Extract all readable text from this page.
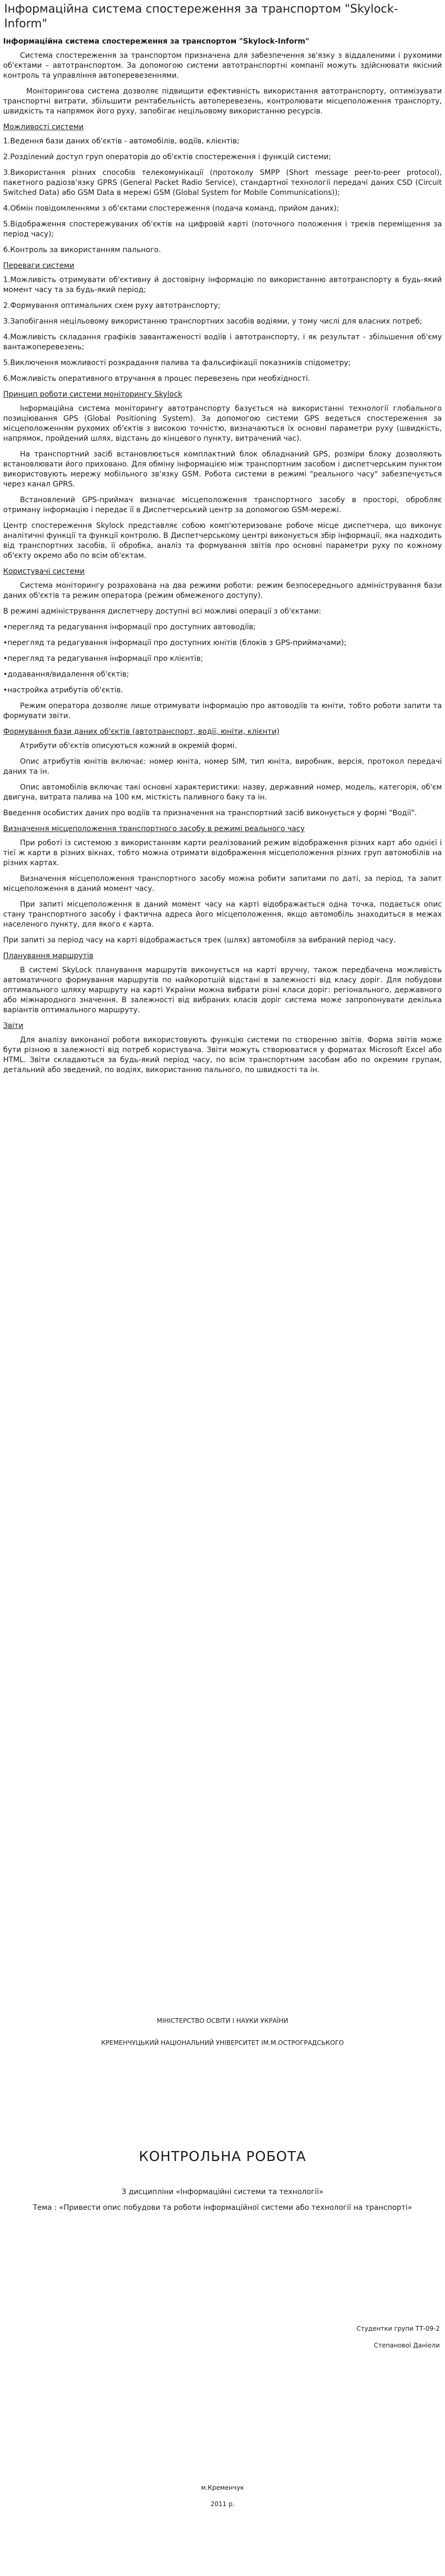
Інформаційна система спостереження за транспортом "Skylock-Inform"

Інформаційна система спостереження за транспортом "Skylock-Inform"

Система спостереження за транспортом призначена для забезпечення зв'язку з віддаленими і рухомими об'єктами – автотранспортом. За допомогою системи автотранспортні компанії можуть здійснювати якісний контроль та управління автоперевезеннями.

Моніторингова система дозволяє підвищити ефективність використання автотранспорту, оптимізувати транспортні витрати, збільшити рентабельність автоперевезень, контролювати місцеположення транспорту, швидкість та напрямок його руху, запобігає нецільовому використанню ресурсів.

Можливості системи

1.Ведення бази даних об'єктів - автомобілів, водіїв, клієнтів;

2.Розділений доступ груп операторів до об'єктів спостереження і функцій системи;

3.Використання різних способів телекомунікації (протоколу SMPP (Short message peer-to-peer protocol), пакетного радіозв'язку GPRS (General Packet Radio Service), стандартної технології передачі даних CSD (Circuit Switched Data) або GSM Data в мережі GSM (Global System for Mobile Communications));

4.Обмін повідомленнями з об'єктами спостереження (подача команд, прийом даних);

5.Відображення спостережуваних об'єктів на цифровій карті (поточного положення і треків переміщення за період часу);

6.Контроль за використанням пального.

Переваги системи

1.Можливість отримувати об'єктивну й достовірну інформацію по використанню автотранспорту в будь-який момент часу та за будь-який період;

2.Формування оптимальних схем руху автотранспорту;

3.Запобігання нецільовому використанню транспортних засобів водіями, у тому числі для власних потреб;

4.Можливість складання графіків завантаженості водіїв і автотранспорту, і як результат - збільшення об'єму вантажоперевезень;

5.Виключення можливості розкрадання палива та фальсифікації показників спідометру;

6.Можливість оперативного втручання в процес перевезень при необхідності.

Принцип роботи системи моніторингу Skylock

Інформаційна система моніторингу автотранспорту базується на використанні технології глобального позиціювання GPS (Global Positioning System). За допомогою системи GPS ведеться спостереження за місцеположенням рухомих об'єктів з високою точністю, визначаються їх основні параметри руху (швидкість, напрямок, пройдений шлях, відстань до кінцевого пункту, витрачений час).

На транспортний засіб встановлюється комплактний блок обладнаний GPS, розміри блоку дозволяють встановлювати його приховано. Для обміну інформацією між транспортним засобом і диспетчерським пунктом використовують мережу мобільного зв'язку GSM. Робота системи в режимі "реального часу" забезпечується через канал GPRS.

Встановлений GPS-приймач визначає місцеположення транспортного засобу в просторі, обробляє отриману інформацію і передає її в Диспетчерський центр за допомогою GSM-мережі.

Центр спостереження Skylock представляє собою комп'ютеризоване робоче місце диспетчера, що виконує аналітичні функції та функції контролю. В Диспетчерському центрі виконується збір інформації, яка надходить від транспортних засобів, її обробка, аналіз та формування звітів про основні параметри руху по кожному об'єкту окремо або по всім об'єктам.

Користувачі системи

Система моніторингу розрахована на два режими роботи: режим безпосереднього адміністрування бази даних об'єктів та режим оператора (режим обмеженого доступу).

В режимі адміністрування диспетчеру доступні всі можливі операції з об'єктами:

•перегляд та редагування інформації про доступних автоводіїв;

•перегляд та редагування інформації про доступних юнітів (блоків з GPS-приймачами);

•перегляд та редагування інформації про клієнтів;

•додавання/видалення об'єктів;

•настройка атрибутів об'єктів.

Режим оператора дозволяє лише отримувати інформацію про автоводіїв та юніти, тобто роботи запити та формувати звіти.

Формування бази даних об'єктів (автотранспорт, водії, юніти, клієнти)

Атрибути об'єктів описуються кожний в окремій формі.

Опис атрибутів юнітів включає: номер юніта, номер SIM, тип юніта, виробник, версія, протокол передачі даних та ін.

Опис автомобілів включає такі основні характеристики: назву, державний номер, модель, категорія, об'єм двигуна, витрата палива на 100 км, місткість паливного баку та ін.

Введення особистих даних про водіїв та призначення на транспортний засіб виконується у формі "Водії".

Визначення місцеположення транспортного засобу в режимі реального часу

При роботі із системою з використанням карти реалізований режим відображення різних карт або однієї і тієї ж карти в різних вікнах, тобто можна отримати відображення місцеположення різних груп автомобілів на різних картах.

Визначення місцеположення транспортного засобу можна робити запитами по даті, за період, та запит місцеположення в даний момент часу.

При запиті місцеположення в даний момент часу на карті відображається одна точка, подається опис стану транспортного засобу і фактична адреса його місцеположення, якщо автомобіль знаходиться в межах населеного пункту, для якого є карта.

При запиті за період часу на карті відображається трек (шлях) автомобіля за вибраний період часу.

Планування маршрутів

В системі SkyLock планування маршрутів виконується на карті вручну, також передбачена можливість автоматичного формування маршрутів по найкоротшій відстані в залежності від класу доріг. Для побудови оптимального шляху маршруту на карті України можна вибрати різні класи доріг: регіонального, державного або міжнародного значення. В залежності від вибраних класів доріг система може запропонувати декілька варіантів оптимального маршруту.

Звіти

Для аналізу виконаної роботи використовують функцію системи по створенню звітів. Форма звітів може бути різною в залежності від потреб користувача. Звіти можуть створюватися у форматах Microsoft Excel або HTML. Звіти складаються за будь-який період часу, по всім транспортним засобам або по окремим групам, детальний або зведений, по водіях, використанню пального, по швидкості та ін.

МІНІСТЕРСТВО ОСВІТИ І НАУКИ УКРАЇНИ
КРЕМЕНЧУЦЬКИЙ НАЦІОНАЛЬНИЙ УНІВЕРСИТЕТ ІМ.М.ОСТРОГРАДСЬКОГО
КОНТРОЛЬНА РОБОТА
З дисципліни «Інформаційні системи та технології»
Тема : «Привести опис побудови та роботи інформаційної системи або технології на транспорті»
Студентки групи ТТ-09-2
Степанової Даніели
м.Кременчук
2011 р.
